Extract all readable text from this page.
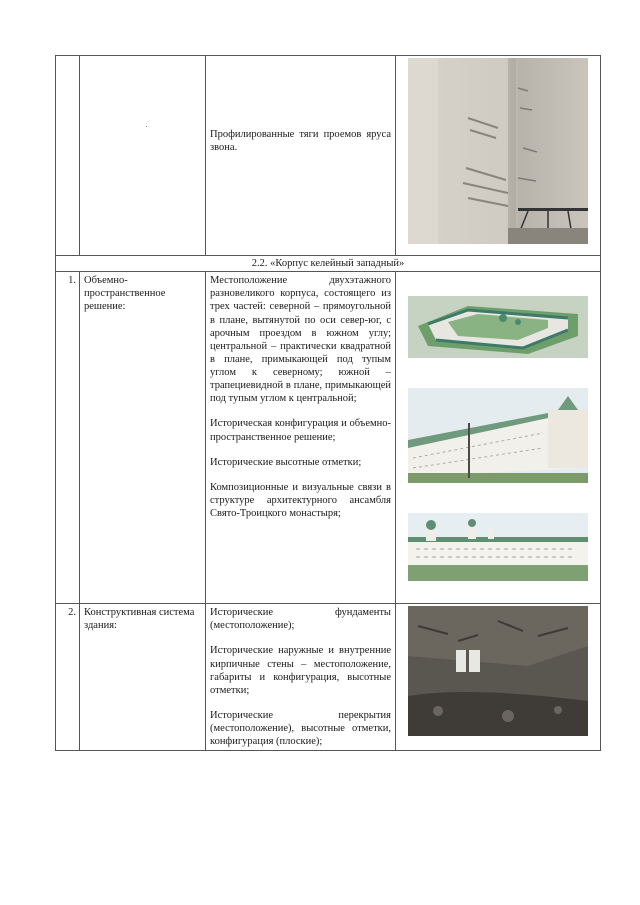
		Профилированные тяги проемов яруса звона.

2.2. «Корпус келейный западный»			
1.	Объемно-пространственное решение:	Местоположение двухэтажного разновеликого корпуса, состоящего из трех частей: северной – прямоугольной в плане, вытянутой по оси север-юг, с арочным проездом в южном углу; центральной – практически квадратной в плане, примыкающей под тупым углом к северному; южной – трапециевидной в плане, примыкающей под тупым углом к центральной;

Историческая конфигурация и объемно-пространственное решение;

Исторические высотные отметки;

Композиционные и визуальные связи в структуре архитектурного ансамбля Свято-Троицкого монастыря;

2.	Конструктивная система здания:	Исторические фундаменты (местоположение);

Исторические наружные и внутренние кирпичные стены – местоположение, габариты и конфигурация, высотные отметки;

Исторические перекрытия (местоположение), высотные отметки, конфигурация (плоские);
